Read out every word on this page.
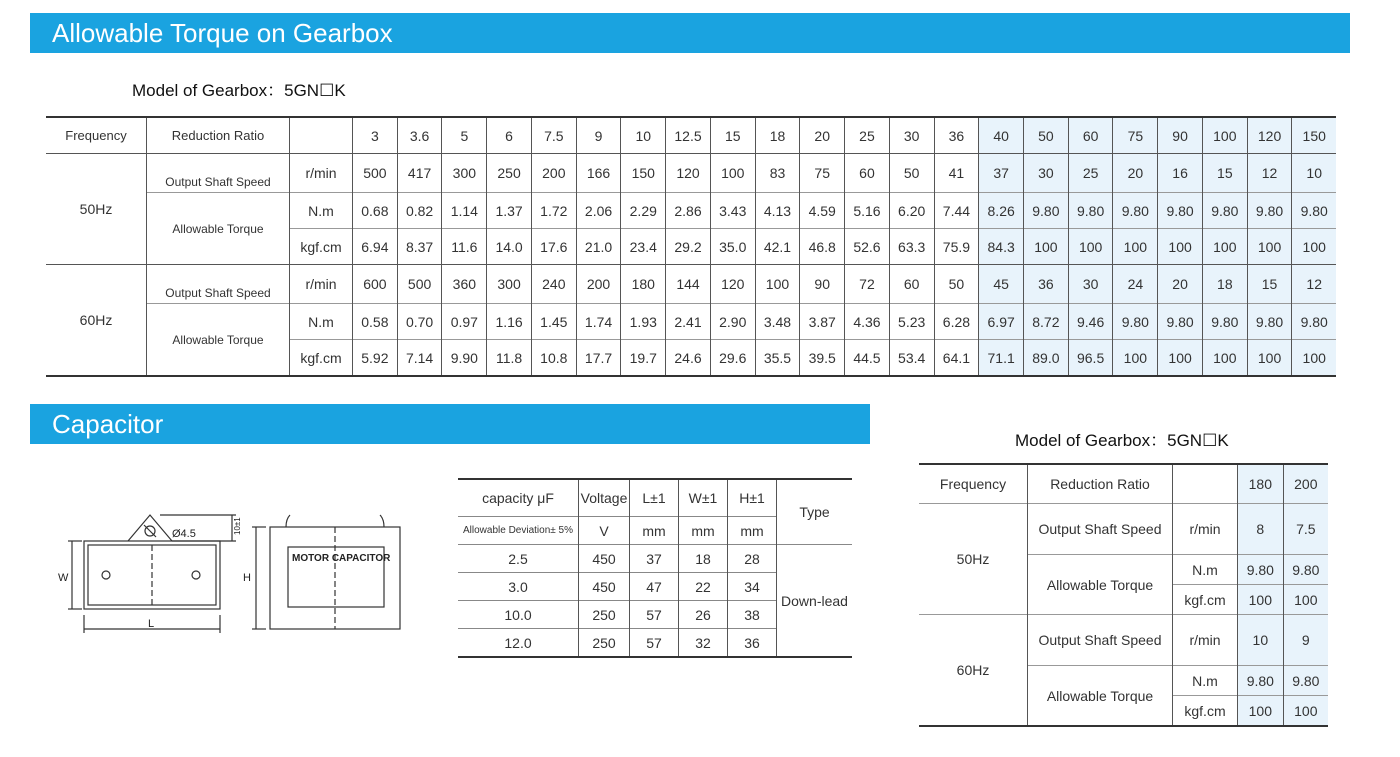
Allowable Torque on Gearbox
Model of Gearbox：5GN☐K
Frequency	Reduction Ratio		3	3.6	5	6	7.5	9	10	12.5	15	18	20	25	30	36	40	50	60	75	90	100	120	150
50Hz	Output Shaft Speed	r/min	500	417	300	250	200	166	150	120	100	83	75	60	50	41	37	30	25	20	16	15	12	10
	Allowable Torque	N.m	0.68	0.82	1.14	1.37	1.72	2.06	2.29	2.86	3.43	4.13	4.59	5.16	6.20	7.44	8.26	9.80	9.80	9.80	9.80	9.80	9.80	9.80
		kgf.cm	6.94	8.37	11.6	14.0	17.6	21.0	23.4	29.2	35.0	42.1	46.8	52.6	63.3	75.9	84.3	100	100	100	100	100	100	100
60Hz	Output Shaft Speed	r/min	600	500	360	300	240	200	180	144	120	100	90	72	60	50	45	36	30	24	20	18	15	12
	Allowable Torque	N.m	0.58	0.70	0.97	1.16	1.45	1.74	1.93	2.41	2.90	3.48	3.87	4.36	5.23	6.28	6.97	8.72	9.46	9.80	9.80	9.80	9.80	9.80
		kgf.cm	5.92	7.14	9.90	11.8	10.8	17.7	19.7	24.6	29.6	35.5	39.5	44.5	53.4	64.1	71.1	89.0	96.5	100	100	100	100	100
Capacitor
Ø4.5
W
L
H
10±1
MOTOR CAPACITOR
capacity μF	Voltage	L±1	W±1	H±1	Type
Allowable Deviation± 5%	V	mm	mm	mm	
2.5	450	37	18	28	Down-lead
3.0	450	47	22	34	
10.0	250	57	26	38	
12.0	250	57	32	36	
Model of Gearbox：5GN☐K
Frequency	Reduction Ratio		180	200
50Hz	Output Shaft Speed	r/min	8	7.5
	Allowable Torque	N.m	9.80	9.80
		kgf.cm	100	100
60Hz	Output Shaft Speed	r/min	10	9
	Allowable Torque	N.m	9.80	9.80
		kgf.cm	100	100
